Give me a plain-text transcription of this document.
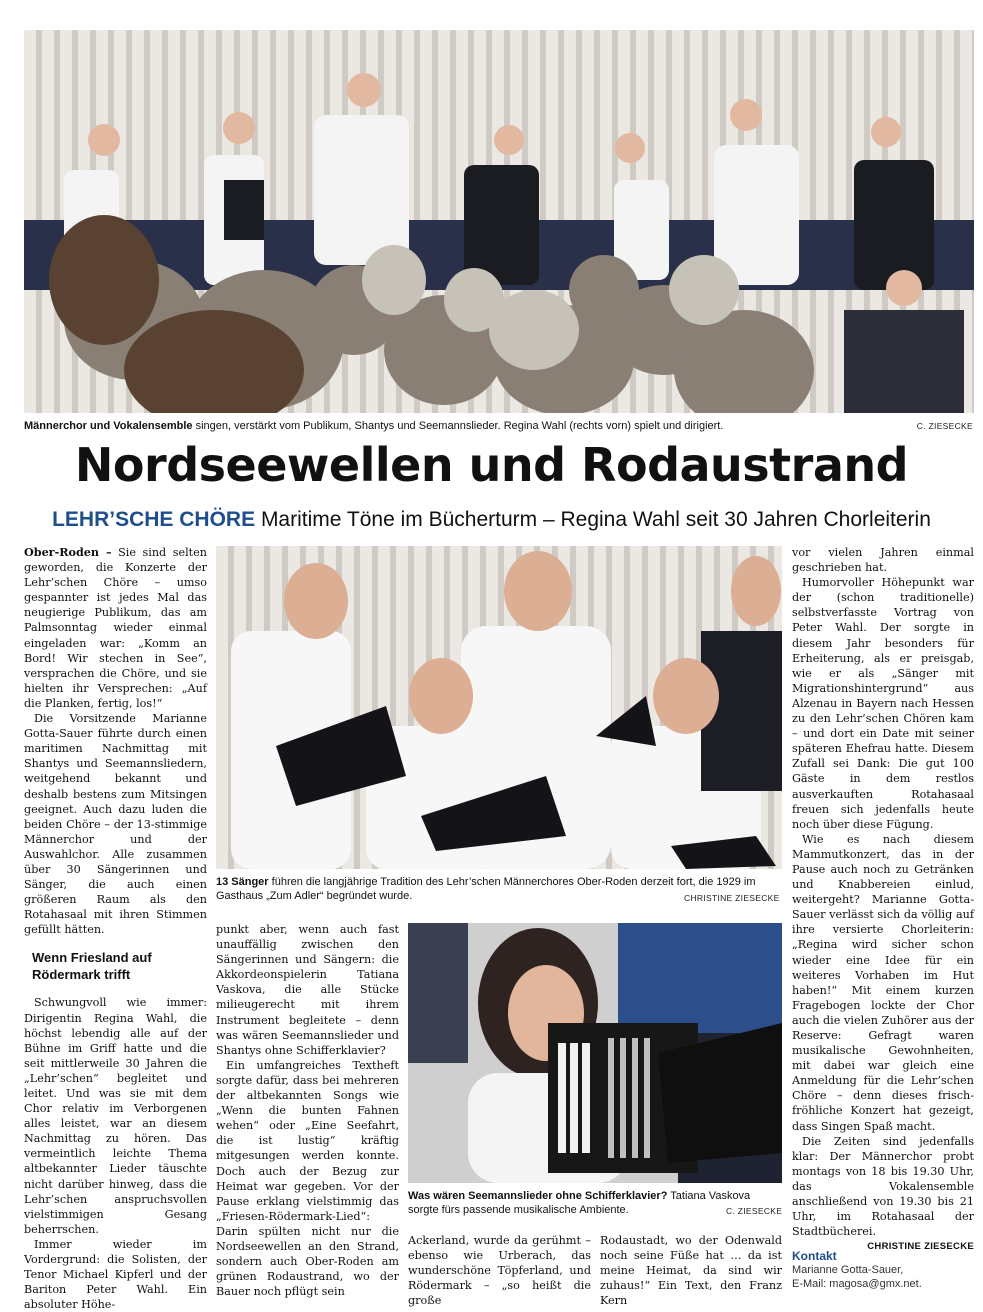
Männerchor und Vokalensemble singen, verstärkt vom Publikum, Shantys und Seemannslieder. Regina Wahl (rechts vorn) spielt und dirigiert.	C. ZIESECKE
Nordseewellen und Rodaustrand
LEHR’SCHE CHÖRE Maritime Töne im Bücherturm – Regina Wahl seit 30 Jahren Chorleiterin
13 Sänger führen die langjährige Tradition des Lehr’schen Männerchores Ober-Roden derzeit fort, die 1929 im Gasthaus „Zum Adler“ begründet wurde.	CHRISTINE ZIESECKE
Was wären Seemannslieder ohne Schifferklavier? Tatiana Vaskova sorgte fürs passende musikalische Ambiente.	C. ZIESECKE

Ober-Roden – Sie sind selten geworden, die Konzerte der Lehr’schen Chöre – umso gespannter ist jedes Mal das neugierige Publikum, das am Palmsonntag wieder einmal eingeladen war: „Komm an Bord! Wir stechen in See“, versprachen die Chöre, und sie hielten ihr Versprechen: „Auf die Planken, fertig, los!“

Die Vorsitzende Marianne Gotta-Sauer führte durch einen maritimen Nachmittag mit Shantys und Seemannsliedern, weitgehend bekannt und deshalb bestens zum Mitsingen geeignet. Auch dazu luden die beiden Chöre – der 13-stimmige Männerchor und der Auswahlchor. Alle zusammen über 30 Sängerinnen und Sänger, die auch einen größeren Raum als den Rotahasaal mit ihren Stimmen gefüllt hätten.

Wenn Friesland auf Rödermark trifft

Schwungvoll wie immer: Dirigentin Regina Wahl, die höchst lebendig alle auf der Bühne im Griff hatte und die seit mittlerweile 30 Jahren die „Lehr’schen“ begleitet und leitet. Und was sie mit dem Chor relativ im Verborgenen alles leistet, war an diesem Nachmittag zu hören. Das vermeintlich leichte Thema altbekannter Lieder täuschte nicht darüber hinweg, dass die Lehr’schen anspruchsvollen vielstimmigen Gesang beherrschen.

Immer wieder im Vordergrund: die Solisten, der Tenor Michael Kipferl und der Bariton Peter Wahl. Ein absoluter Höhe-

punkt aber, wenn auch fast unauffällig zwischen den Sängerinnen und Sängern: die Akkordeonspielerin Tatiana Vaskova, die alle Stücke milieugerecht mit ihrem Instrument begleitete – denn was wären Seemannslieder und Shantys ohne Schifferklavier?

Ein umfangreiches Textheft sorgte dafür, dass bei mehreren der altbekannten Songs wie „Wenn die bunten Fahnen wehen“ oder „Eine Seefahrt, die ist lustig“ kräftig mitgesungen werden konnte. Doch auch der Bezug zur Heimat war gegeben. Vor der Pause erklang vielstimmig das „Friesen-Rödermark-Lied“: Darin spülten nicht nur die Nordseewellen an den Strand, sondern auch Ober-Roden am grünen Rodaustrand, wo der Bauer noch pflügt sein

Ackerland, wurde da gerühmt – ebenso wie Urberach, das wunderschöne Töpferland, und Rödermark – „so heißt die große

Rodaustadt, wo der Odenwald noch seine Füße hat … da ist meine Heimat, da sind wir zuhaus!“ Ein Text, den Franz Kern

vor vielen Jahren einmal geschrieben hat.

Humorvoller Höhepunkt war der (schon traditionelle) selbstverfasste Vortrag von Peter Wahl. Der sorgte in diesem Jahr besonders für Erheiterung, als er preisgab, wie er als „Sänger mit Migrationshintergrund“ aus Alzenau in Bayern nach Hessen zu den Lehr’schen Chören kam – und dort ein Date mit seiner späteren Ehefrau hatte. Diesem Zufall sei Dank: Die gut 100 Gäste in dem restlos ausverkauften Rotahasaal freuen sich jedenfalls heute noch über diese Fügung.

Wie es nach diesem Mammutkonzert, das in der Pause auch noch zu Getränken und Knabbereien einlud, weitergeht? Marianne Gotta-Sauer verlässt sich da völlig auf ihre versierte Chorleiterin: „Regina wird sicher schon wieder eine Idee für ein weiteres Vorhaben im Hut haben!“ Mit einem kurzen Fragebogen lockte der Chor auch die vielen Zuhörer aus der Reserve: Gefragt waren musikalische Gewohnheiten, mit dabei war gleich eine Anmeldung für die Lehr’schen Chöre – denn dieses frisch-fröhliche Konzert hat gezeigt, dass Singen Spaß macht.

Die Zeiten sind jedenfalls klar: Der Männerchor probt montags von 18 bis 19.30 Uhr, das Vokalensemble anschließend von 19.30 bis 21 Uhr, im Rotahasaal der Stadtbücherei.

CHRISTINE ZIESECKE
Kontakt
Marianne Gotta-Sauer,
E-Mail: magosa@gmx.net.
